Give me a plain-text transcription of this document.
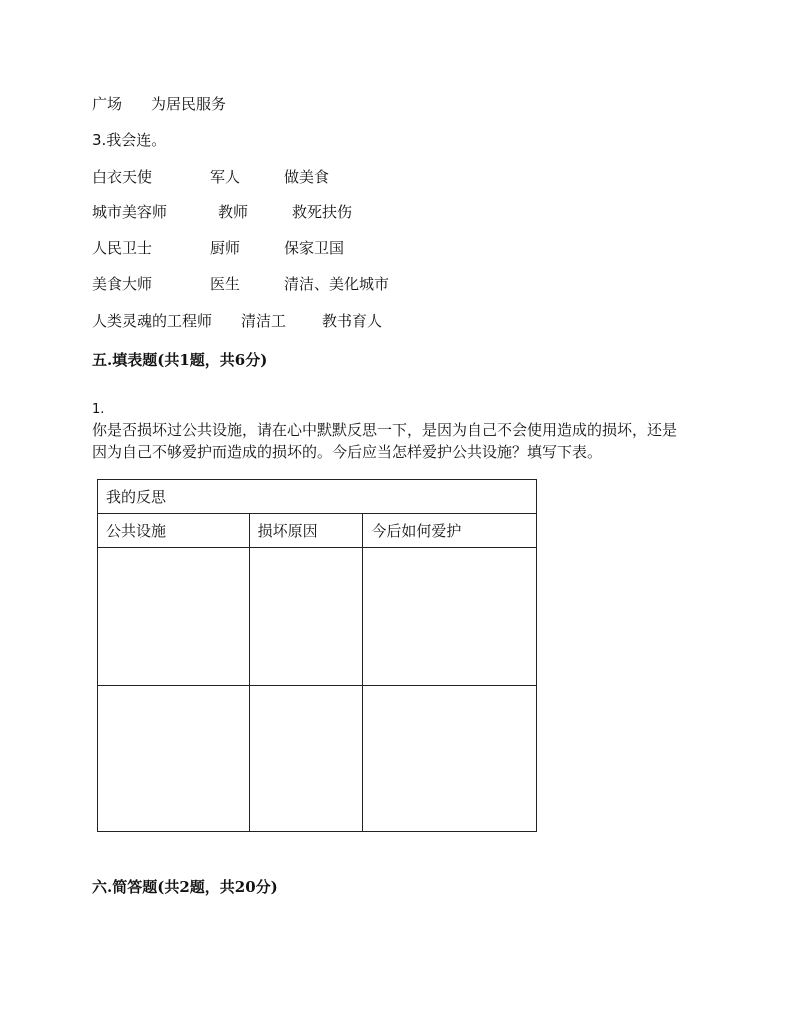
广场 为居民服务
3.我会连。
白衣天使	军人	做美食
城市美容师	教师	救死扶伤
人民卫士	厨师	保家卫国
美食大师	医生	清洁、美化城市
人类灵魂的工程师 清洁工 教书育人
五.填表题(共1题，共6分)
1.
你是否损坏过公共设施，请在心中默默反思一下，是因为自己不会使用造成的损坏，还是
因为自己不够爱护而造成的损坏的。今后应当怎样爱护公共设施？填写下表。
我的反思		
公共设施	损坏原因	今后如何爱护

六.简答题(共2题，共20分)
